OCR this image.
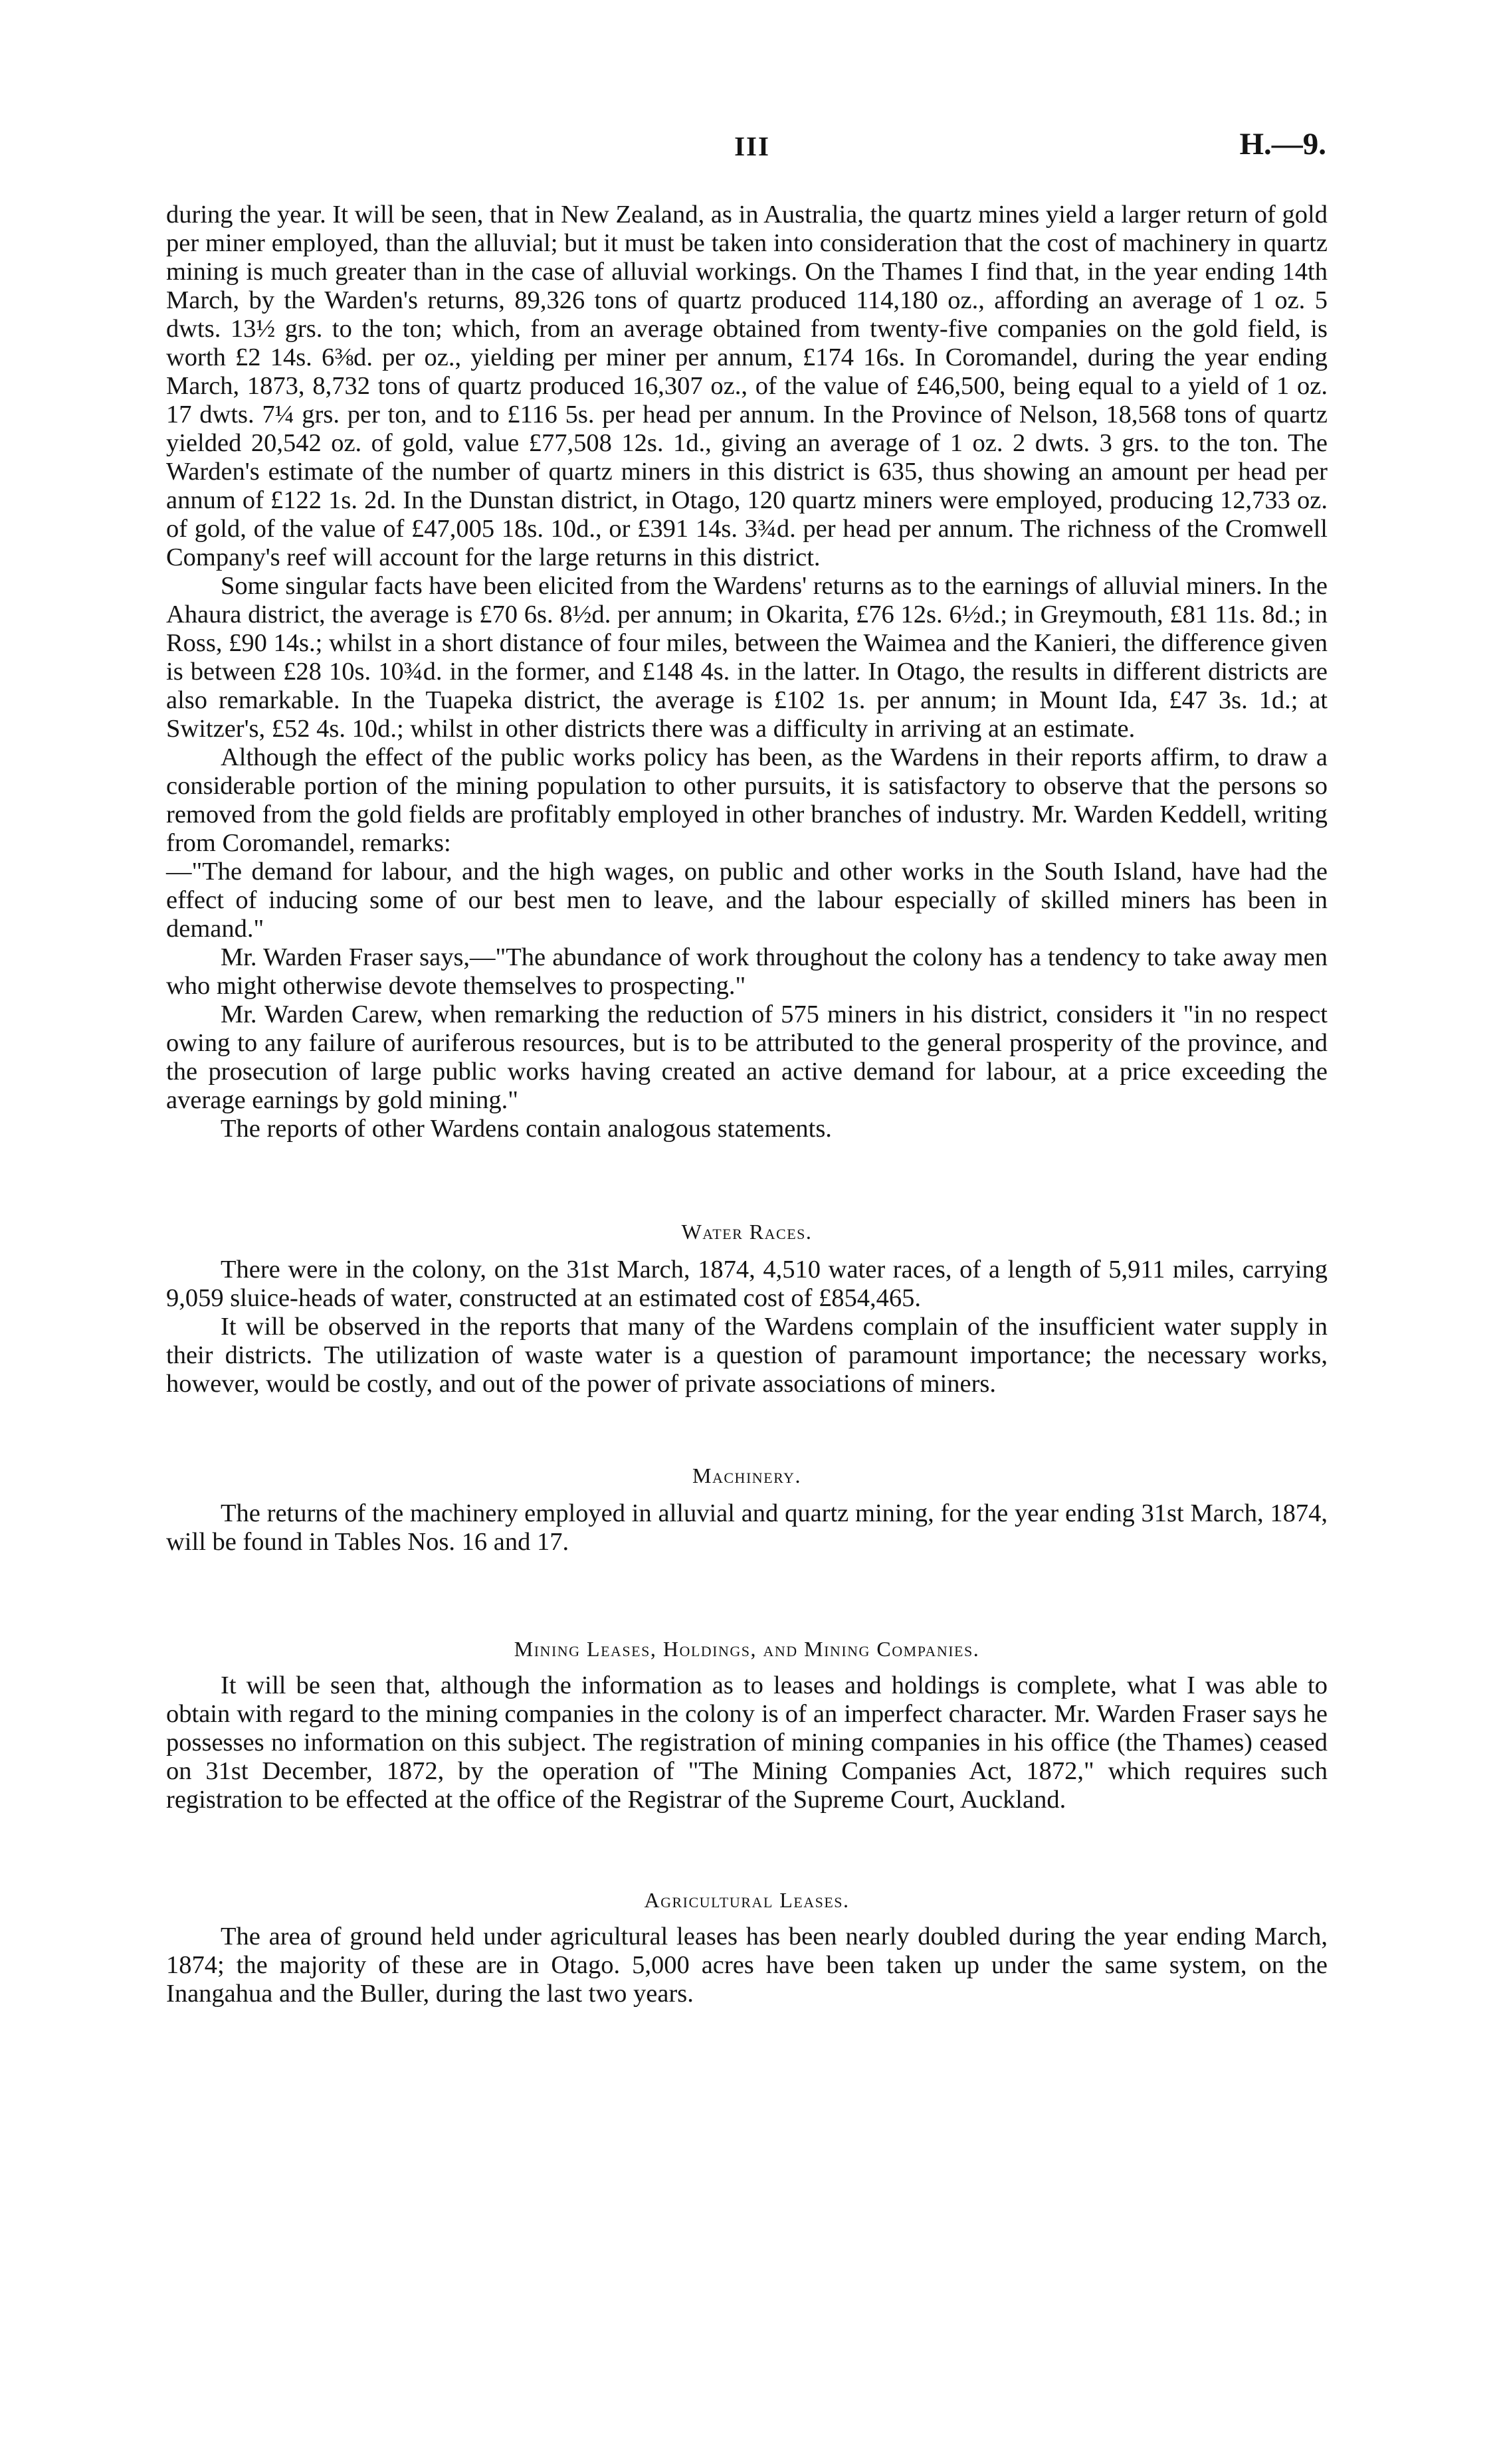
III	H.—9.

during the year. It will be seen, that in New Zealand, as in Australia, the quartz mines yield a larger return of gold per miner employed, than the alluvial; but it must be taken into consideration that the cost of machinery in quartz mining is much greater than in the case of alluvial workings. On the Thames I find that, in the year ending 14th March, by the Warden's returns, 89,326 tons of quartz produced 114,180 oz., affording an average of 1 oz. 5 dwts. 13½ grs. to the ton; which, from an average obtained from twenty-five companies on the gold field, is worth £2 14s. 6⅜d. per oz., yielding per miner per annum, £174 16s. In Coromandel, during the year ending March, 1873, 8,732 tons of quartz produced 16,307 oz., of the value of £46,500, being equal to a yield of 1 oz. 17 dwts. 7¼ grs. per ton, and to £116 5s. per head per annum. In the Province of Nelson, 18,568 tons of quartz yielded 20,542 oz. of gold, value £77,508 12s. 1d., giving an average of 1 oz. 2 dwts. 3 grs. to the ton. The Warden's estimate of the number of quartz miners in this district is 635, thus showing an amount per head per annum of £122 1s. 2d. In the Dunstan district, in Otago, 120 quartz miners were employed, producing 12,733 oz. of gold, of the value of £47,005 18s. 10d., or £391 14s. 3¾d. per head per annum. The richness of the Cromwell Company's reef will account for the large returns in this district.

Some singular facts have been elicited from the Wardens' returns as to the earnings of alluvial miners. In the Ahaura district, the average is £70 6s. 8½d. per annum; in Okarita, £76 12s. 6½d.; in Greymouth, £81 11s. 8d.; in Ross, £90 14s.; whilst in a short distance of four miles, between the Waimea and the Kanieri, the difference given is between £28 10s. 10¾d. in the former, and £148 4s. in the latter. In Otago, the results in different districts are also remarkable. In the Tuapeka district, the average is £102 1s. per annum; in Mount Ida, £47 3s. 1d.; at Switzer's, £52 4s. 10d.; whilst in other districts there was a difficulty in arriving at an estimate.

Although the effect of the public works policy has been, as the Wardens in their reports affirm, to draw a considerable portion of the mining population to other pursuits, it is satisfactory to observe that the persons so removed from the gold fields are profitably employed in other branches of industry. Mr. Warden Keddell, writing from Coromandel, remarks:

—"The demand for labour, and the high wages, on public and other works in the South Island, have had the effect of inducing some of our best men to leave, and the labour especially of skilled miners has been in demand."

Mr. Warden Fraser says,—"The abundance of work throughout the colony has a tendency to take away men who might otherwise devote themselves to prospecting."

Mr. Warden Carew, when remarking the reduction of 575 miners in his district, considers it "in no respect owing to any failure of auriferous resources, but is to be attributed to the general prosperity of the province, and the prosecution of large public works having created an active demand for labour, at a price exceeding the average earnings by gold mining."

The reports of other Wardens contain analogous statements.

Water Races.

There were in the colony, on the 31st March, 1874, 4,510 water races, of a length of 5,911 miles, carrying 9,059 sluice-heads of water, constructed at an estimated cost of £854,465.

It will be observed in the reports that many of the Wardens complain of the insufficient water supply in their districts. The utilization of waste water is a question of paramount importance; the necessary works, however, would be costly, and out of the power of private associations of miners.

Machinery.

The returns of the machinery employed in alluvial and quartz mining, for the year ending 31st March, 1874, will be found in Tables Nos. 16 and 17.

Mining Leases, Holdings, and Mining Companies.

It will be seen that, although the information as to leases and holdings is complete, what I was able to obtain with regard to the mining companies in the colony is of an imperfect character. Mr. Warden Fraser says he possesses no information on this subject. The registration of mining companies in his office (the Thames) ceased on 31st December, 1872, by the operation of "The Mining Companies Act, 1872," which requires such registration to be effected at the office of the Registrar of the Supreme Court, Auckland.

Agricultural Leases.

The area of ground held under agricultural leases has been nearly doubled during the year ending March, 1874; the majority of these are in Otago. 5,000 acres have been taken up under the same system, on the Inangahua and the Buller, during the last two years.
